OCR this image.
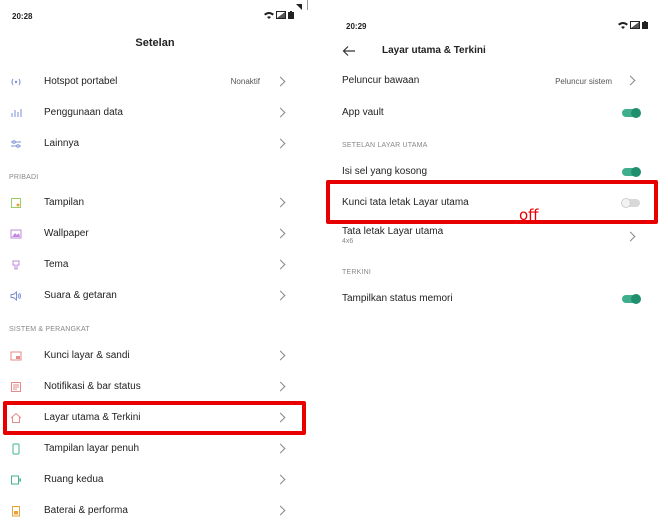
20:28
Setelan
Hotspot portabel	Nonaktif
Penggunaan data
Lainnya
PRIBADI
Tampilan
Wallpaper
Tema
Suara & getaran
SISTEM & PERANGKAT
Kunci layar & sandi
Notifikasi & bar status
Layar utama & Terkini
Tampilan layar penuh
Ruang kedua
Baterai & performa
20:29
Layar utama & Terkini
Peluncur bawaan	Peluncur sistem
App vault
SETELAN LAYAR UTAMA
Isi sel yang kosong
Kunci tata letak Layar utama
Tata letak Layar utama
4x6
TERKINI
Tampilkan status memori
off
